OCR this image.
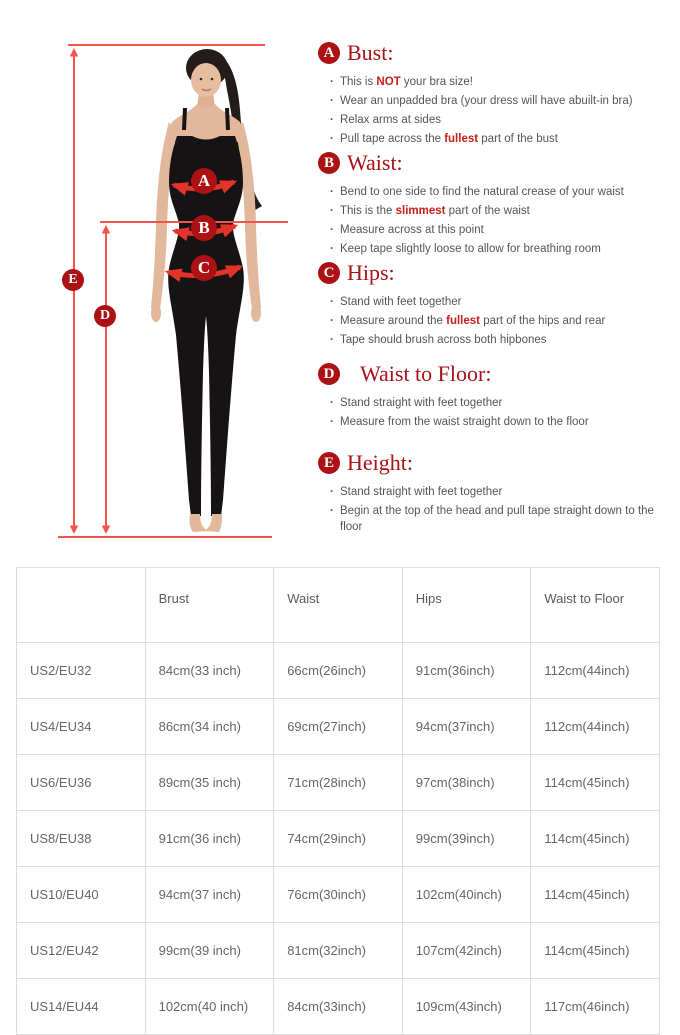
A
B
C
E
D
A Bust:
· This is NOT your bra size!
· Wear an unpadded bra (your dress will have abuilt-in bra)
· Relax arms at sides
· Pull tape across the fullest part of the bust
B Waist:
· Bend to one side to find the natural crease of your waist
· This is the slimmest part of the waist
· Measure across at this point
· Keep tape slightly loose to allow for breathing room
C Hips:
· Stand with feet together
· Measure around the fullest part of the hips and rear
· Tape should brush across both hipbones
D Waist to Floor:
· Stand straight with feet together
· Measure from the waist straight down to the floor
E Height:
· Stand straight with feet together
· Begin at the top of the head and pull tape straight down to the floor
	Brust	Waist	Hips	Waist to Floor
US2/EU32	84cm(33 inch)	66cm(26inch)	91cm(36inch)	112cm(44inch)
US4/EU34	86cm(34 inch)	69cm(27inch)	94cm(37inch)	112cm(44inch)
US6/EU36	89cm(35 inch)	71cm(28inch)	97cm(38inch)	114cm(45inch)
US8/EU38	91cm(36 inch)	74cm(29inch)	99cm(39inch)	114cm(45inch)
US10/EU40	94cm(37 inch)	76cm(30inch)	102cm(40inch)	114cm(45inch)
US12/EU42	99cm(39 inch)	81cm(32inch)	107cm(42inch)	114cm(45inch)
US14/EU44	102cm(40 inch)	84cm(33inch)	109cm(43inch)	117cm(46inch)
